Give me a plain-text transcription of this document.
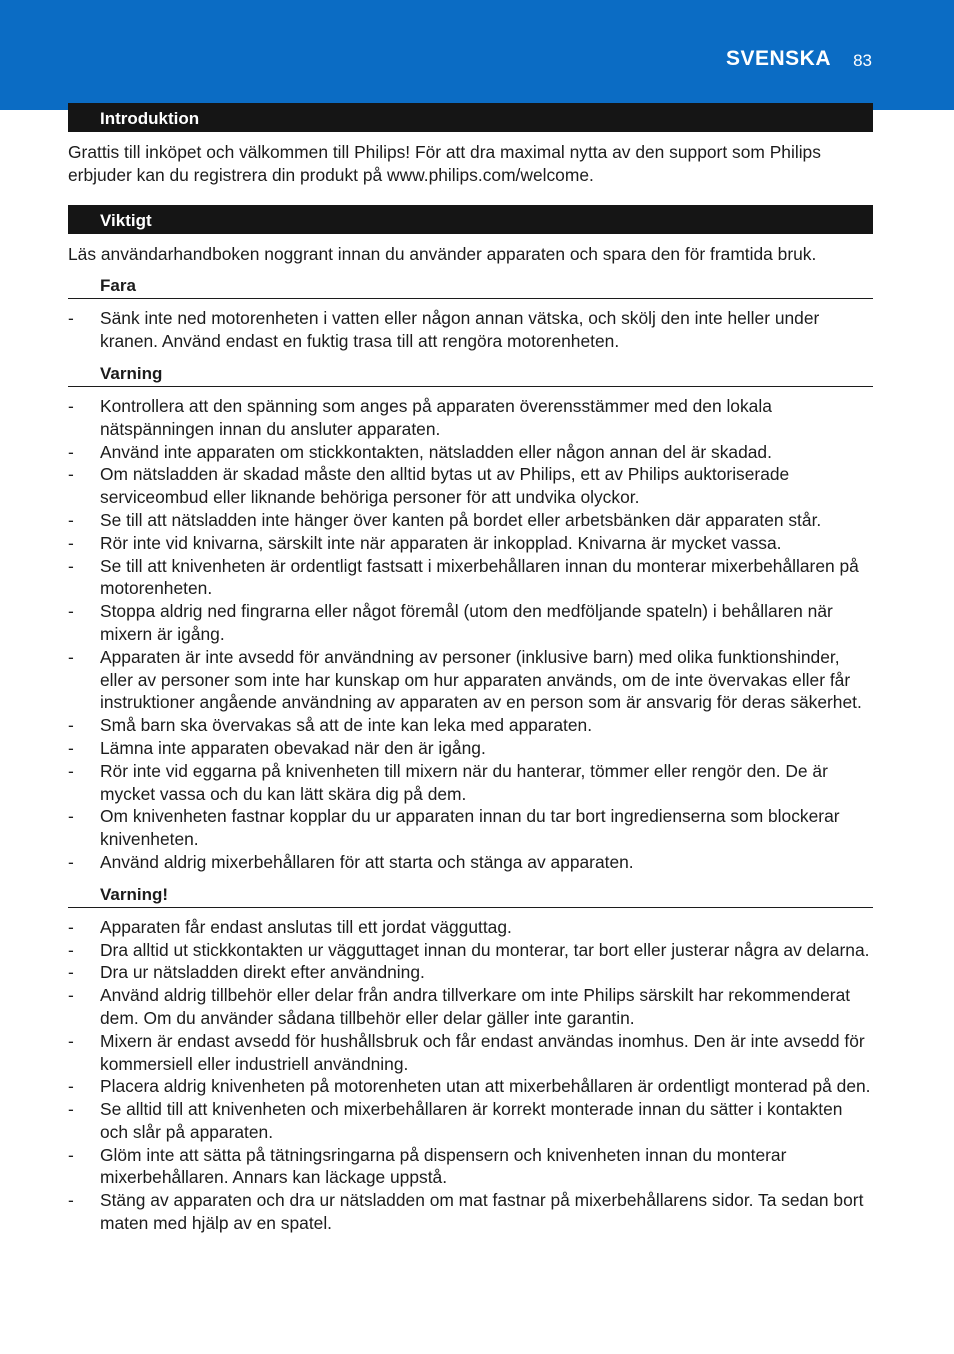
SVENSKA 83
Introduktion

Grattis till inköpet och välkommen till Philips! För att dra maximal nytta av den support som Philips erbjuder kan du registrera din produkt på www.philips.com/welcome.

Viktigt

Läs användarhandboken noggrant innan du använder apparaten och spara den för framtida bruk.

Fara
- Sänk inte ned motorenheten i vatten eller någon annan vätska, och skölj den inte heller under kranen. Använd endast en fuktig trasa till att rengöra motorenheten.
Varning
- Kontrollera att den spänning som anges på apparaten överensstämmer med den lokala nätspänningen innan du ansluter apparaten.
- Använd inte apparaten om stickkontakten, nätsladden eller någon annan del är skadad.
- Om nätsladden är skadad måste den alltid bytas ut av Philips, ett av Philips auktoriserade serviceombud eller liknande behöriga personer för att undvika olyckor.
- Se till att nätsladden inte hänger över kanten på bordet eller arbetsbänken där apparaten står.
- Rör inte vid knivarna, särskilt inte när apparaten är inkopplad. Knivarna är mycket vassa.
- Se till att knivenheten är ordentligt fastsatt i mixerbehållaren innan du monterar mixerbehållaren på motorenheten.
- Stoppa aldrig ned fingrarna eller något föremål (utom den medföljande spateln) i behållaren när mixern är igång.
- Apparaten är inte avsedd för användning av personer (inklusive barn) med olika funktionshinder, eller av personer som inte har kunskap om hur apparaten används, om de inte övervakas eller får instruktioner angående användning av apparaten av en person som är ansvarig för deras säkerhet.
- Små barn ska övervakas så att de inte kan leka med apparaten.
- Lämna inte apparaten obevakad när den är igång.
- Rör inte vid eggarna på knivenheten till mixern när du hanterar, tömmer eller rengör den. De är mycket vassa och du kan lätt skära dig på dem.
- Om knivenheten fastnar kopplar du ur apparaten innan du tar bort ingredienserna som blockerar knivenheten.
- Använd aldrig mixerbehållaren för att starta och stänga av apparaten.
Varning!
- Apparaten får endast anslutas till ett jordat vägguttag.
- Dra alltid ut stickkontakten ur vägguttaget innan du monterar, tar bort eller justerar några av delarna.
- Dra ur nätsladden direkt efter användning.
- Använd aldrig tillbehör eller delar från andra tillverkare om inte Philips särskilt har rekommenderat dem. Om du använder sådana tillbehör eller delar gäller inte garantin.
- Mixern är endast avsedd för hushållsbruk och får endast användas inomhus. Den är inte avsedd för kommersiell eller industriell användning.
- Placera aldrig knivenheten på motorenheten utan att mixerbehållaren är ordentligt monterad på den.
- Se alltid till att knivenheten och mixerbehållaren är korrekt monterade innan du sätter i kontakten och slår på apparaten.
- Glöm inte att sätta på tätningsringarna på dispensern och knivenheten innan du monterar mixerbehållaren. Annars kan läckage uppstå.
- Stäng av apparaten och dra ur nätsladden om mat fastnar på mixerbehållarens sidor. Ta sedan bort maten med hjälp av en spatel.
